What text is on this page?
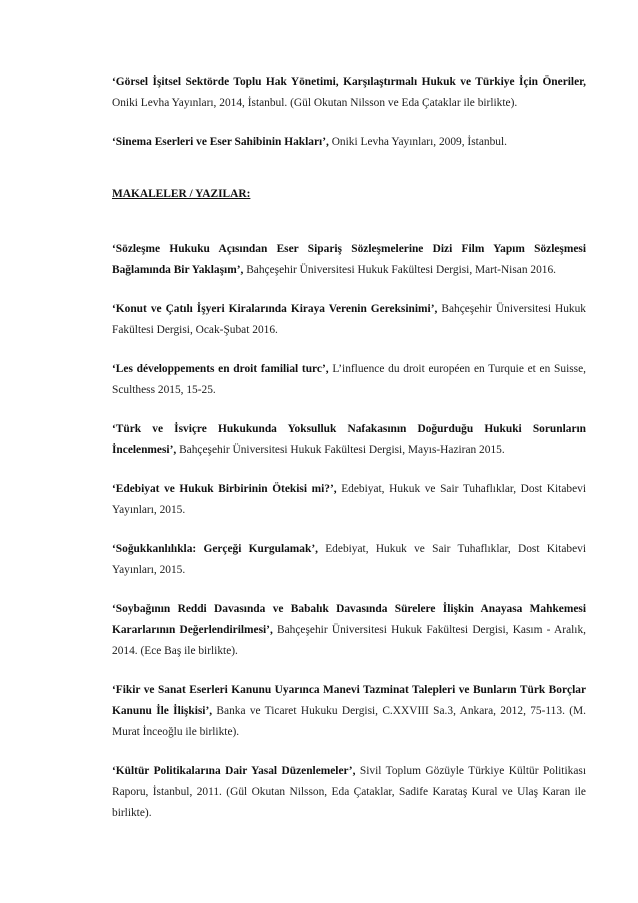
‘Görsel İşitsel Sektörde Toplu Hak Yönetimi, Karşılaştırmalı Hukuk ve Türkiye İçin Öneriler, Oniki Levha Yayınları, 2014, İstanbul. (Gül Okutan Nilsson ve Eda Çataklar ile birlikte).

‘Sinema Eserleri ve Eser Sahibinin Hakları’, Oniki Levha Yayınları, 2009, İstanbul.

MAKALELER / YAZILAR:

‘Sözleşme Hukuku Açısından Eser Sipariş Sözleşmelerine Dizi Film Yapım Sözleşmesi Bağlamında Bir Yaklaşım’, Bahçeşehir Üniversitesi Hukuk Fakültesi Dergisi, Mart-Nisan 2016.

‘Konut ve Çatılı İşyeri Kiralarında Kiraya Verenin Gereksinimi’, Bahçeşehir Üniversitesi Hukuk Fakültesi Dergisi, Ocak-Şubat 2016.

‘Les développements en droit familial turc’, L’influence du droit européen en Turquie et en Suisse, Sculthess 2015, 15-25.

‘Türk ve İsviçre Hukukunda Yoksulluk Nafakasının Doğurduğu Hukuki Sorunların İncelenmesi’, Bahçeşehir Üniversitesi Hukuk Fakültesi Dergisi, Mayıs-Haziran 2015.

‘Edebiyat ve Hukuk Birbirinin Ötekisi mi?’, Edebiyat, Hukuk ve Sair Tuhaflıklar, Dost Kitabevi Yayınları, 2015.

‘Soğukkanlılıkla: Gerçeği Kurgulamak’, Edebiyat, Hukuk ve Sair Tuhaflıklar, Dost Kitabevi Yayınları, 2015.

‘Soybağının Reddi Davasında ve Babalık Davasında Sürelere İlişkin Anayasa Mahkemesi Kararlarının Değerlendirilmesi’, Bahçeşehir Üniversitesi Hukuk Fakültesi Dergisi, Kasım - Aralık, 2014. (Ece Baş ile birlikte).

‘Fikir ve Sanat Eserleri Kanunu Uyarınca Manevi Tazminat Talepleri ve Bunların Türk Borçlar Kanunu İle İlişkisi’, Banka ve Ticaret Hukuku Dergisi, C.XXVIII Sa.3, Ankara, 2012, 75-113. (M. Murat İnceoğlu ile birlikte).

‘Kültür Politikalarına Dair Yasal Düzenlemeler’, Sivil Toplum Gözüyle Türkiye Kültür Politikası Raporu, İstanbul, 2011. (Gül Okutan Nilsson, Eda Çataklar, Sadife Karataş Kural ve Ulaş Karan ile birlikte).
